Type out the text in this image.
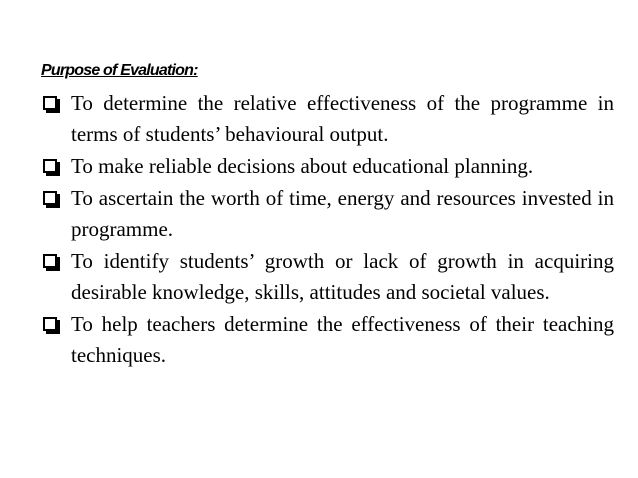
Purpose of Evaluation:
To determine the relative effectiveness of the programme in terms of students’ behavioural output.
To make reliable decisions about educational planning.
To ascertain the worth of time, energy and resources invested in programme.
To identify students’ growth or lack of growth in acquiring desirable knowledge, skills, attitudes and societal values.
To help teachers determine the effectiveness of their teaching techniques.
